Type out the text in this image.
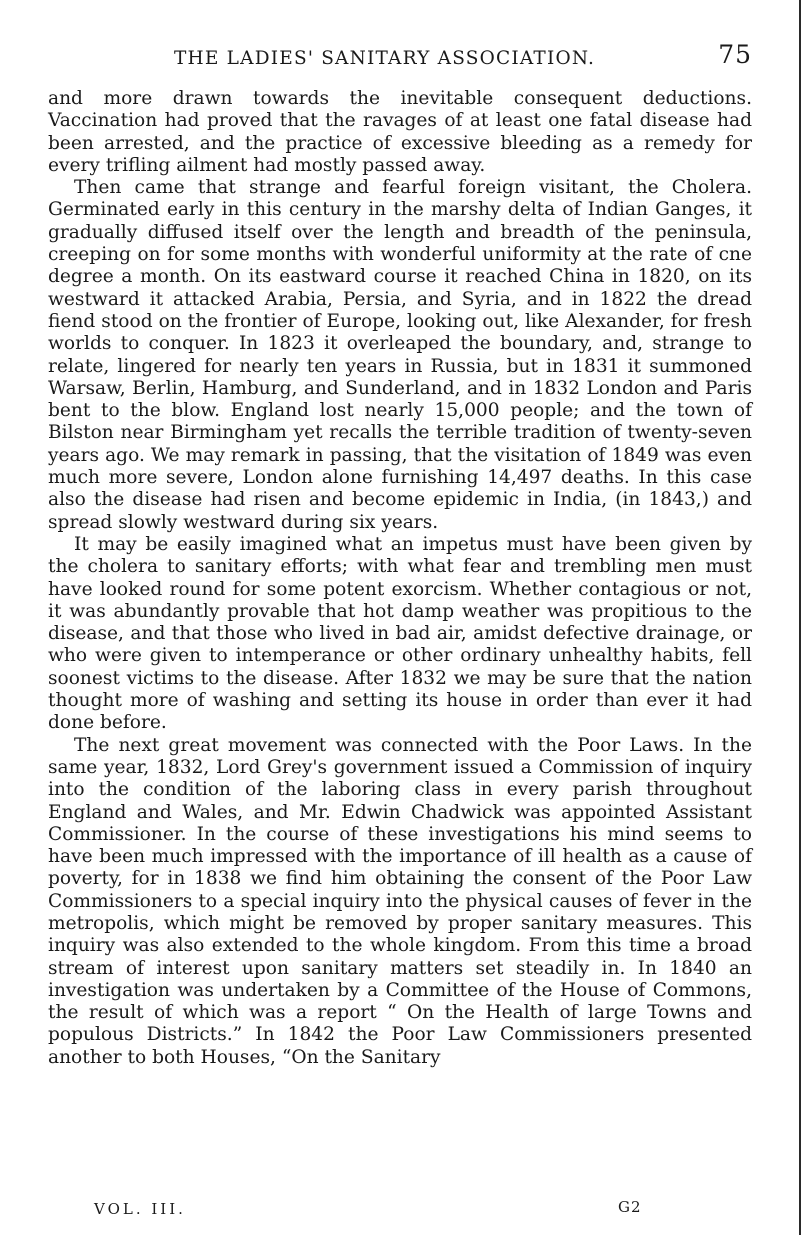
THE LADIES' SANITARY ASSOCIATION.	75

and more drawn towards the inevitable consequent deductions. Vaccination had proved that the ravages of at least one fatal disease had been arrested, and the practice of excessive bleeding as a remedy for every trifling ailment had mostly passed away.

Then came that strange and fearful foreign visitant, the Cholera. Germinated early in this century in the marshy delta of Indian Ganges, it gradually diffused itself over the length and breadth of the peninsula, creeping on for some months with wonderful uniformity at the rate of cne degree a month. On its eastward course it reached China in 1820, on its westward it attacked Arabia, Persia, and Syria, and in 1822 the dread fiend stood on the frontier of Europe, looking out, like Alexander, for fresh worlds to conquer. In 1823 it overleaped the boundary, and, strange to relate, lingered for nearly ten years in Russia, but in 1831 it summoned Warsaw, Berlin, Hamburg, and Sunderland, and in 1832 London and Paris bent to the blow. England lost nearly 15,000 people; and the town of Bilston near Birmingham yet recalls the terrible tradition of twenty-seven years ago. We may remark in passing, that the visitation of 1849 was even much more severe, London alone furnishing 14,497 deaths. In this case also the disease had risen and become epidemic in India, (in 1843,) and spread slowly westward during six years.

It may be easily imagined what an impetus must have been given by the cholera to sanitary efforts; with what fear and trembling men must have looked round for some potent exorcism. Whether contagious or not, it was abundantly provable that hot damp weather was propitious to the disease, and that those who lived in bad air, amidst defective drainage, or who were given to intemperance or other ordinary unhealthy habits, fell soonest victims to the disease. After 1832 we may be sure that the nation thought more of washing and setting its house in order than ever it had done before.

The next great movement was connected with the Poor Laws. In the same year, 1832, Lord Grey's government issued a Commission of inquiry into the condition of the laboring class in every parish throughout England and Wales, and Mr. Edwin Chadwick was appointed Assistant Commissioner. In the course of these investigations his mind seems to have been much impressed with the importance of ill health as a cause of poverty, for in 1838 we find him obtaining the consent of the Poor Law Commissioners to a special inquiry into the physical causes of fever in the metropolis, which might be removed by proper sanitary measures. This inquiry was also extended to the whole kingdom. From this time a broad stream of interest upon sanitary matters set steadily in. In 1840 an investigation was undertaken by a Committee of the House of Commons, the result of which was a report “ On the Health of large Towns and populous Districts.” In 1842 the Poor Law Commissioners presented another to both Houses, “On the Sanitary

VOL. III.	G2
